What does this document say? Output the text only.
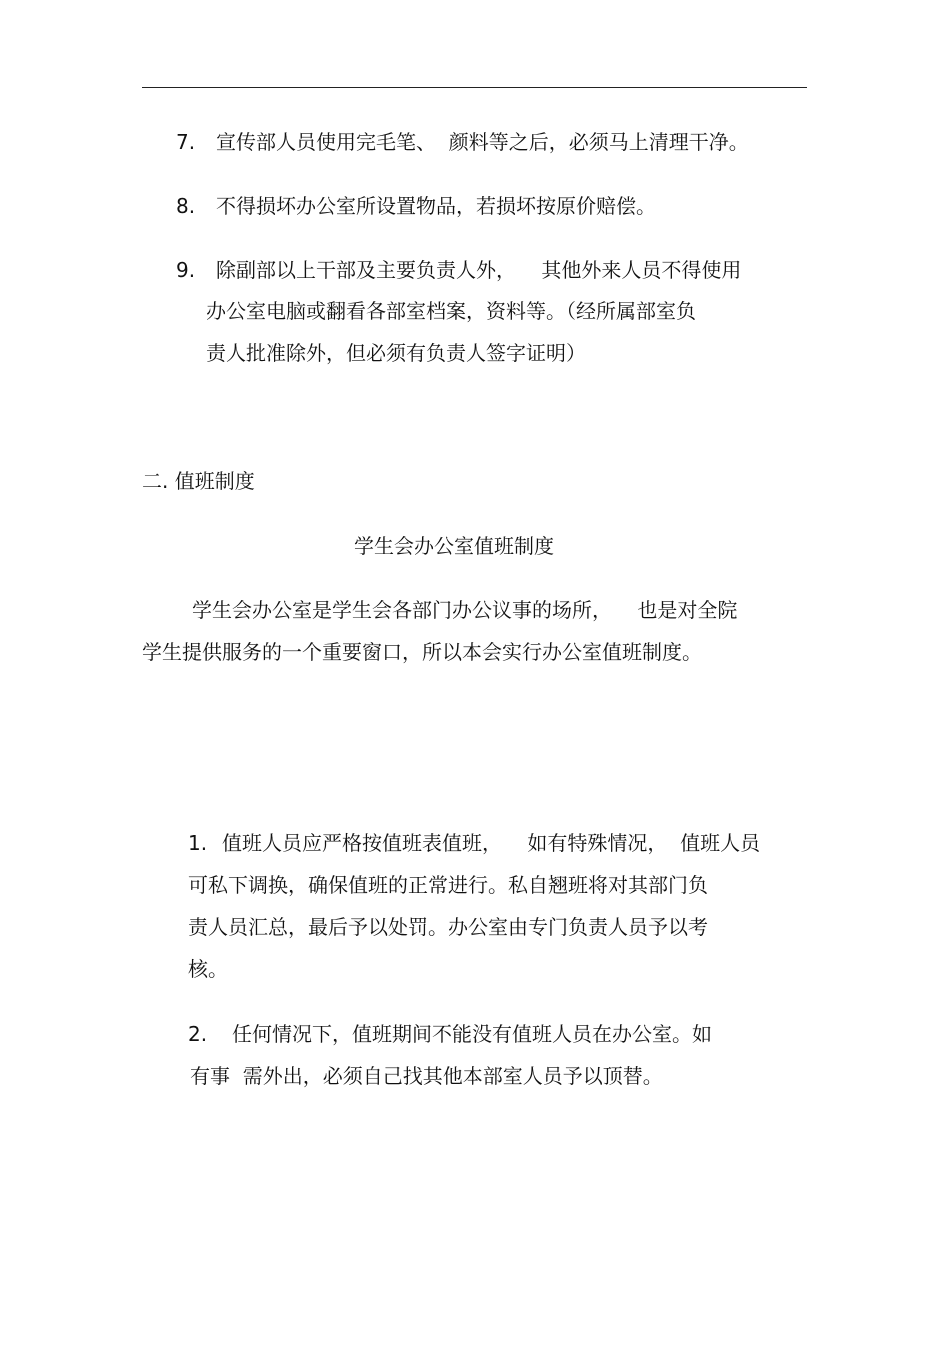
7. 宣传部人员使用完毛笔、  颜料等之后，必须马上清理干净。
8. 不得损坏办公室所设置物品，若损坏按原价赔偿。
9. 除副部以上干部及主要负责人外，    其他外来人员不得使用
办公室电脑或翻看各部室档案，资料等。（经所属部室负
责人批准除外，但必须有负责人签字证明）
二. 值班制度
学生会办公室值班制度
学生会办公室是学生会各部门办公议事的场所，    也是对全院
学生提供服务的一个重要窗口，所以本会实行办公室值班制度。
1. 值班人员应严格按值班表值班，    如有特殊情况，  值班人员
可私下调换，确保值班的正常进行。私自翘班将对其部门负
责人员汇总，最后予以处罚。办公室由专门负责人员予以考
核。
2. 任何情况下，值班期间不能没有值班人员在办公室。如
有事  需外出，必须自己找其他本部室人员予以顶替。
